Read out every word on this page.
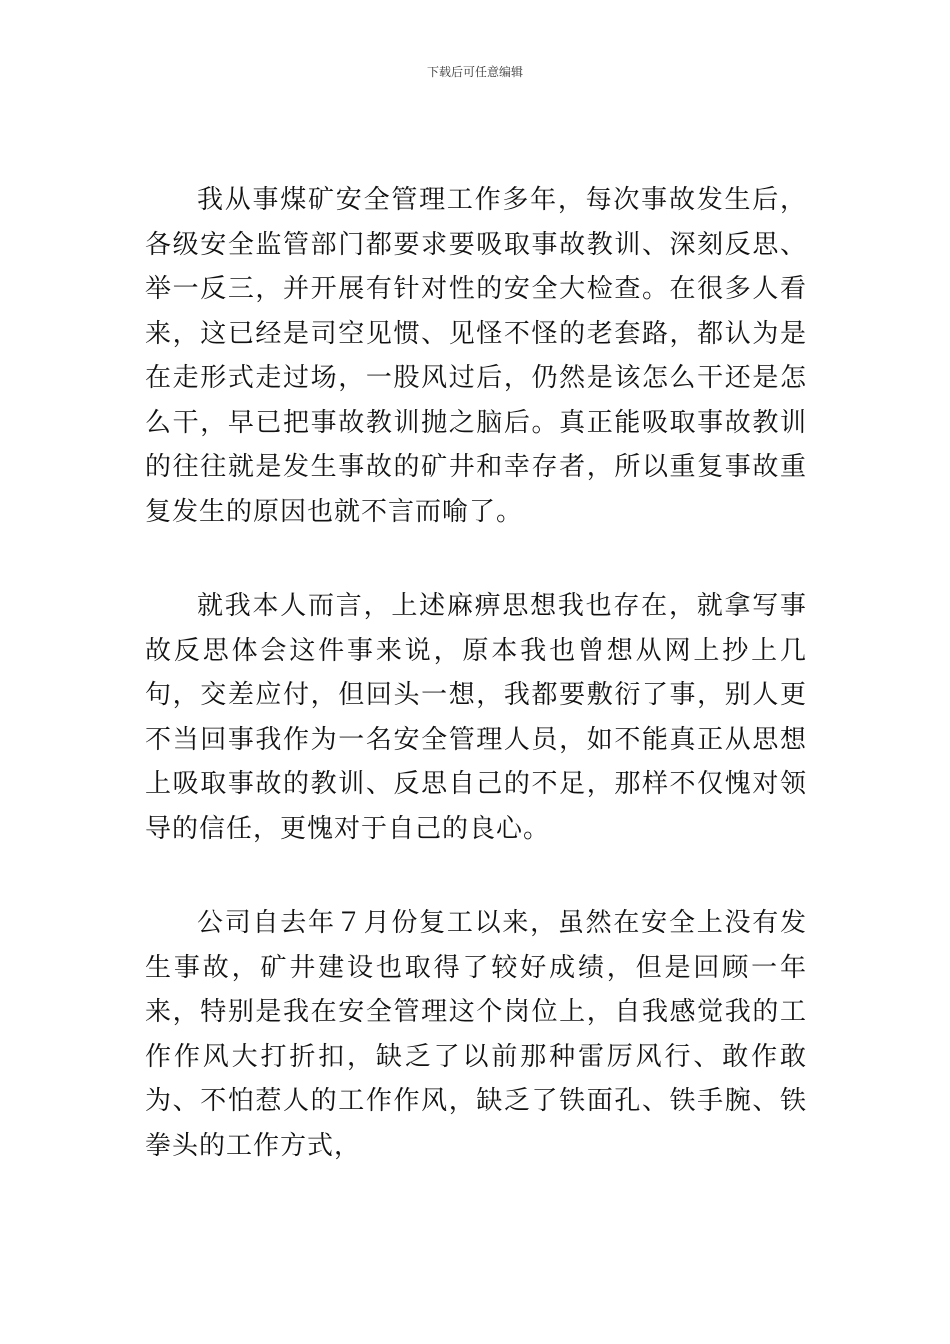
下载后可任意编辑

我从事煤矿安全管理工作多年，每次事故发生后，各级安全监管部门都要求要吸取事故教训、深刻反思、举一反三，并开展有针对性的安全大检查。在很多人看来，这已经是司空见惯、见怪不怪的老套路，都认为是在走形式走过场，一股风过后，仍然是该怎么干还是怎么干，早已把事故教训抛之脑后。真正能吸取事故教训的往往就是发生事故的矿井和幸存者，所以重复事故重复发生的原因也就不言而喻了。

就我本人而言，上述麻痹思想我也存在，就拿写事故反思体会这件事来说，原本我也曾想从网上抄上几句，交差应付，但回头一想，我都要敷衍了事，别人更不当回事我作为一名安全管理人员，如不能真正从思想上吸取事故的教训、反思自己的不足，那样不仅愧对领导的信任，更愧对于自己的良心。

公司自去年７月份复工以来，虽然在安全上没有发生事故，矿井建设也取得了较好成绩，但是回顾一年来，特别是我在安全管理这个岗位上，自我感觉我的工作作风大打折扣，缺乏了以前那种雷厉风行、敢作敢为、不怕惹人的工作作风，缺乏了铁面孔、铁手腕、铁拳头的工作方式，
